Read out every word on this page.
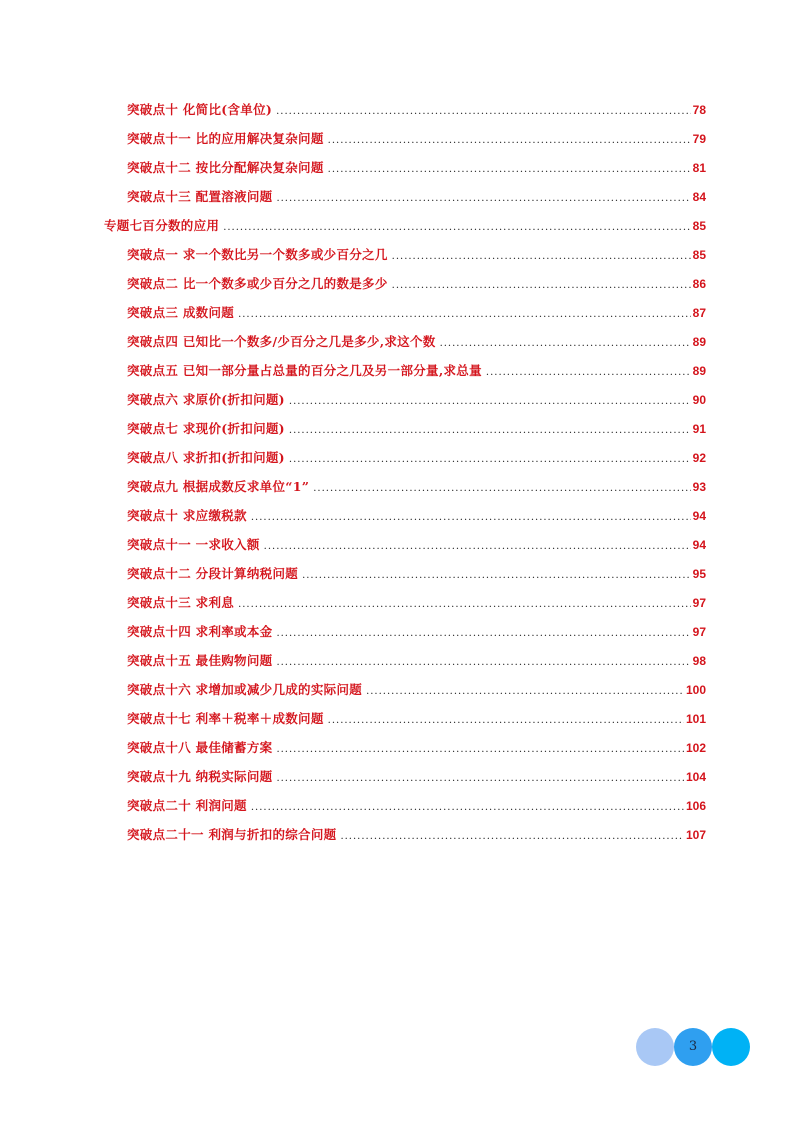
突破点十 化简比(含单位) .....	78
突破点十一 比的应用解决复杂问题 .....	79
突破点十二 按比分配解决复杂问题 .....	81
突破点十三 配置溶液问题 .....	84
专题七百分数的应用 .....	85
突破点一 求一个数比另一个数多或少百分之几 .....	85
突破点二 比一个数多或少百分之几的数是多少 .....	86
突破点三 成数问题 .....	87
突破点四 已知比一个数多/少百分之几是多少,求这个数 .....	89
突破点五 已知一部分量占总量的百分之几及另一部分量,求总量 .....	89
突破点六 求原价(折扣问题) .....	90
突破点七 求现价(折扣问题) .....	91
突破点八 求折扣(折扣问题) .....	92
突破点九 根据成数反求单位“1” .....	93
突破点十 求应缴税款 .....	94
突破点十一 一求收入额 .....	94
突破点十二 分段计算纳税问题 .....	95
突破点十三 求利息 .....	97
突破点十四 求利率或本金 .....	97
突破点十五 最佳购物问题 .....	98
突破点十六 求增加或减少几成的实际问题 .....	100
突破点十七 利率＋税率＋成数问题 .....	101
突破点十八 最佳储蓄方案 .....	102
突破点十九 纳税实际问题 .....	104
突破点二十 利润问题 .....	106
突破点二十一 利润与折扣的综合问题 .....	107
3
